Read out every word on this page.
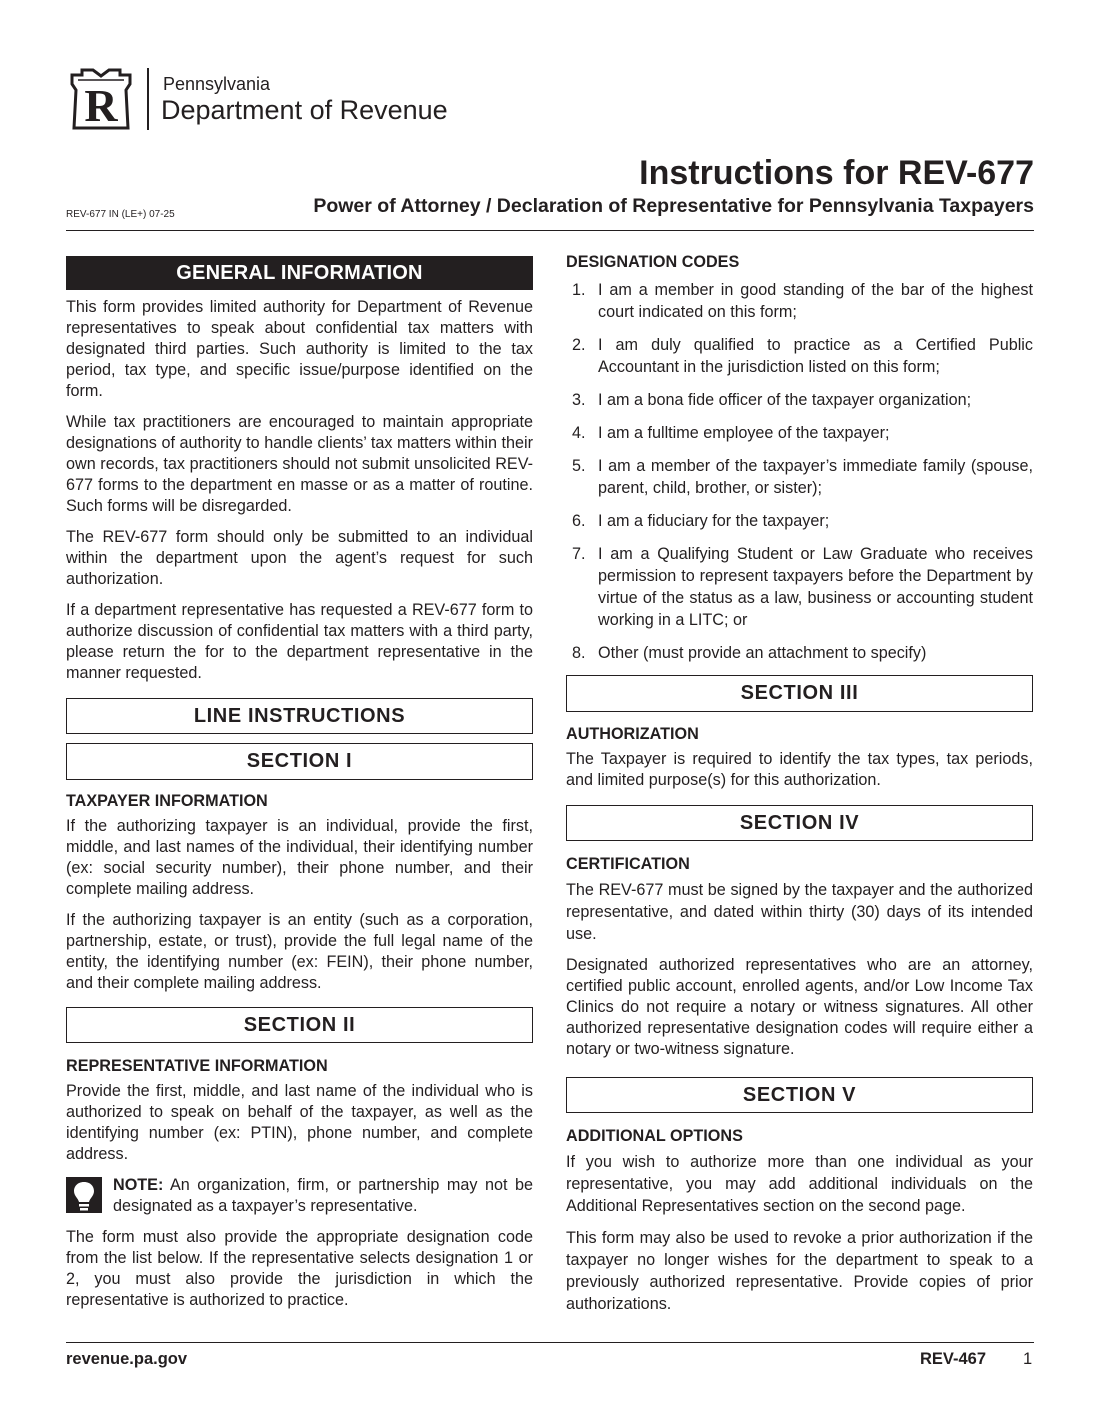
R	Pennsylvania
Department of Revenue
Instructions for REV-677
REV-677 IN (LE+) 07-25	Power of Attorney / Declaration of Representative for Pennsylvania Taxpayers
GENERAL INFORMATION

This form provides limited authority for Department of Revenue representatives to speak about confidential tax matters with designated third parties. Such authority is limited to the tax period, tax type, and specific issue/purpose identified on the form.

While tax practitioners are encouraged to maintain appropriate designations of authority to handle clients’ tax matters within their own records, tax practitioners should not submit unsolicited REV-677 forms to the department en masse or as a matter of routine. Such forms will be disregarded.

The REV-677 form should only be submitted to an individual within the department upon the agent’s request for such authorization.

If a department representative has requested a REV-677 form to authorize discussion of confidential tax matters with a third party, please return the for to the department representative in the manner requested.

LINE INSTRUCTIONS
SECTION I
TAXPAYER INFORMATION

If the authorizing taxpayer is an individual, provide the first, middle, and last names of the individual, their identifying number (ex: social security number), their phone number, and their complete mailing address.

If the authorizing taxpayer is an entity (such as a corporation, partnership, estate, or trust), provide the full legal name of the entity, the identifying number (ex: FEIN), their phone number, and their complete mailing address.

SECTION II
REPRESENTATIVE INFORMATION

Provide the first, middle, and last name of the individual who is authorized to speak on behalf of the taxpayer, as well as the identifying number (ex: PTIN), phone number, and complete address.

NOTE: An organization, firm, or partnership may not be designated as a taxpayer’s representative.

The form must also provide the appropriate designation code from the list below. If the representative selects designation 1 or 2, you must also provide the jurisdiction in which the representative is authorized to practice.

DESIGNATION CODES
1. I am a member in good standing of the bar of the highest court indicated on this form;
2. I am duly qualified to practice as a Certified Public Accountant in the jurisdiction listed on this form;
3. I am a bona fide officer of the taxpayer organization;
4. I am a fulltime employee of the taxpayer;
5. I am a member of the taxpayer’s immediate family (spouse, parent, child, brother, or sister);
6. I am a fiduciary for the taxpayer;
7. I am a Qualifying Student or Law Graduate who receives permission to represent taxpayers before the Department by virtue of the status as a law, business or accounting student working in a LITC; or
8. Other (must provide an attachment to specify)
SECTION III
AUTHORIZATION

The Taxpayer is required to identify the tax types, tax periods, and limited purpose(s) for this authorization.

SECTION IV
CERTIFICATION

The REV-677 must be signed by the taxpayer and the authorized representative, and dated within thirty (30) days of its intended use.

Designated authorized representatives who are an attorney, certified public account, enrolled agents, and/or Low Income Tax Clinics do not require a notary or witness signatures. All other authorized representative designation codes will require either a notary or two-witness signature.

SECTION V
ADDITIONAL OPTIONS

If you wish to authorize more than one individual as your representative, you may add additional individuals on the Additional Representatives section on the second page.

This form may also be used to revoke a prior authorization if the taxpayer no longer wishes for the department to speak to a previously authorized representative. Provide copies of prior authorizations.

revenue.pa.gov	REV-467 1
